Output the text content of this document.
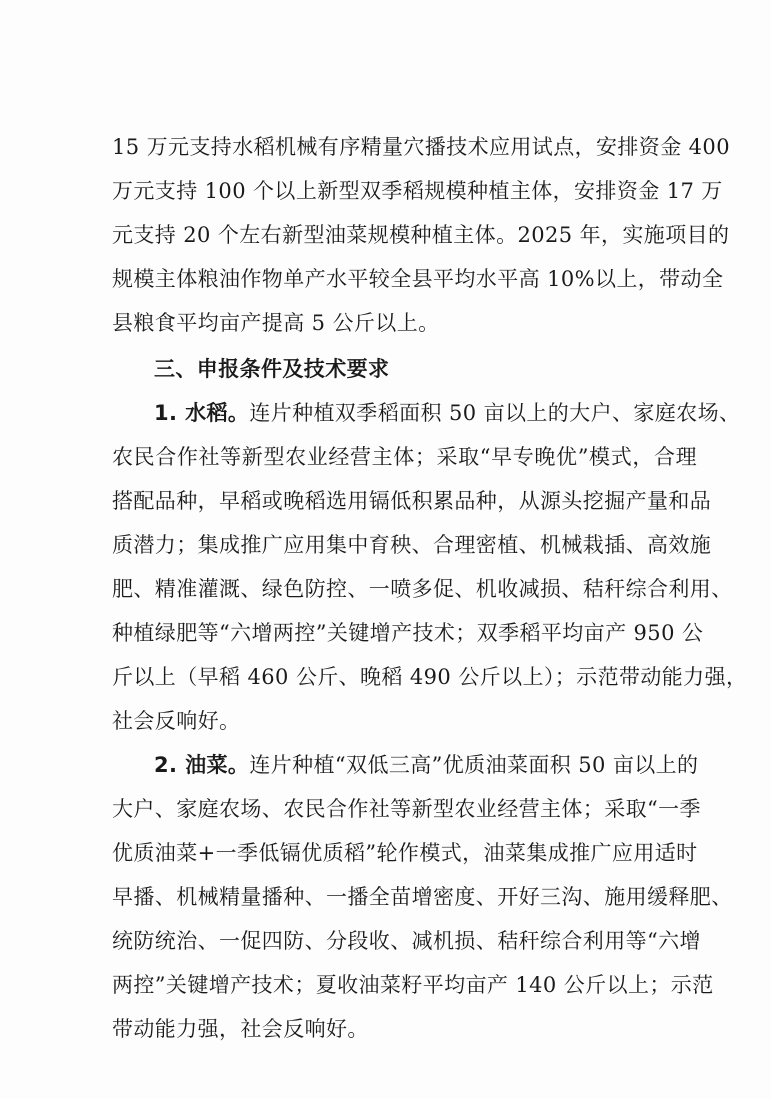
15 万元支持水稻机械有序精量穴播技术应用试点，安排资金 400
万元支持 100 个以上新型双季稻规模种植主体，安排资金 17 万
元支持 20 个左右新型油菜规模种植主体。2025 年，实施项目的
规模主体粮油作物单产水平较全县平均水平高 10%以上，带动全
县粮食平均亩产提高 5 公斤以上。
三、申报条件及技术要求
1. 水稻。连片种植双季稻面积 50 亩以上的大户、家庭农场、
农民合作社等新型农业经营主体；采取“早专晚优”模式，合理
搭配品种，早稻或晚稻选用镉低积累品种，从源头挖掘产量和品
质潜力；集成推广应用集中育秧、合理密植、机械栽插、高效施
肥、精准灌溉、绿色防控、一喷多促、机收减损、秸秆综合利用、
种植绿肥等“六增两控”关键增产技术；双季稻平均亩产 950 公
斤以上（早稻 460 公斤、晚稻 490 公斤以上）；示范带动能力强，
社会反响好。
2. 油菜。连片种植“双低三高”优质油菜面积 50 亩以上的
大户、家庭农场、农民合作社等新型农业经营主体；采取“一季
优质油菜+一季低镉优质稻”轮作模式，油菜集成推广应用适时
早播、机械精量播种、一播全苗增密度、开好三沟、施用缓释肥、
统防统治、一促四防、分段收、减机损、秸秆综合利用等“六增
两控”关键增产技术；夏收油菜籽平均亩产 140 公斤以上；示范
带动能力强，社会反响好。
